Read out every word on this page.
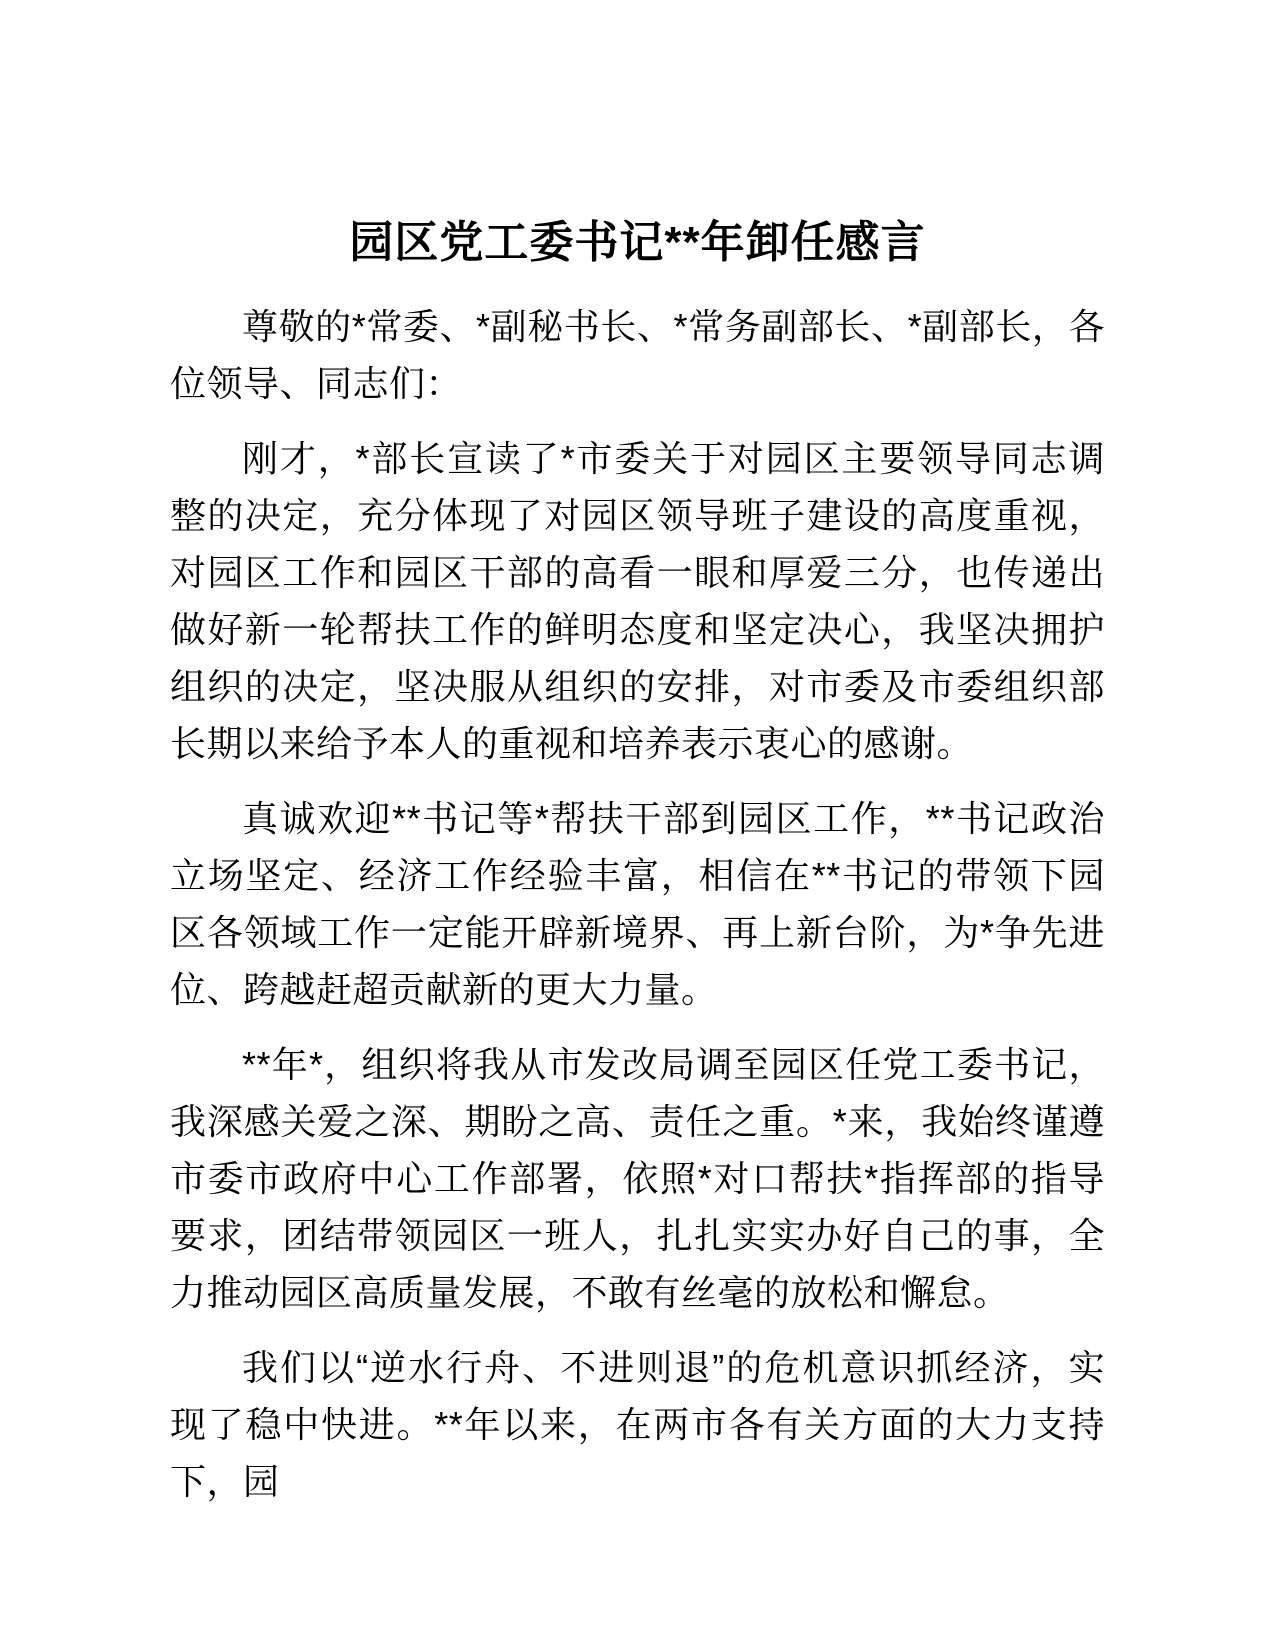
园区党工委书记**年卸任感言

尊敬的*常委、*副秘书长、*常务副部长、*副部长，各位领导、同志们：

刚才，*部长宣读了*市委关于对园区主要领导同志调整的决定，充分体现了对园区领导班子建设的高度重视，对园区工作和园区干部的高看一眼和厚爱三分，也传递出做好新一轮帮扶工作的鲜明态度和坚定决心，我坚决拥护组织的决定，坚决服从组织的安排，对市委及市委组织部长期以来给予本人的重视和培养表示衷心的感谢。

真诚欢迎**书记等*帮扶干部到园区工作，**书记政治立场坚定、经济工作经验丰富，相信在**书记的带领下园区各领域工作一定能开辟新境界、再上新台阶，为*争先进位、跨越赶超贡献新的更大力量。

**年*，组织将我从市发改局调至园区任党工委书记，我深感关爱之深、期盼之高、责任之重。*来，我始终谨遵市委市政府中心工作部署，依照*对口帮扶*指挥部的指导要求，团结带领园区一班人，扎扎实实办好自己的事，全力推动园区高质量发展，不敢有丝毫的放松和懈怠。

我们以“逆水行舟、不进则退”的危机意识抓经济，实现了稳中快进。**年以来，在两市各有关方面的大力支持下，园
